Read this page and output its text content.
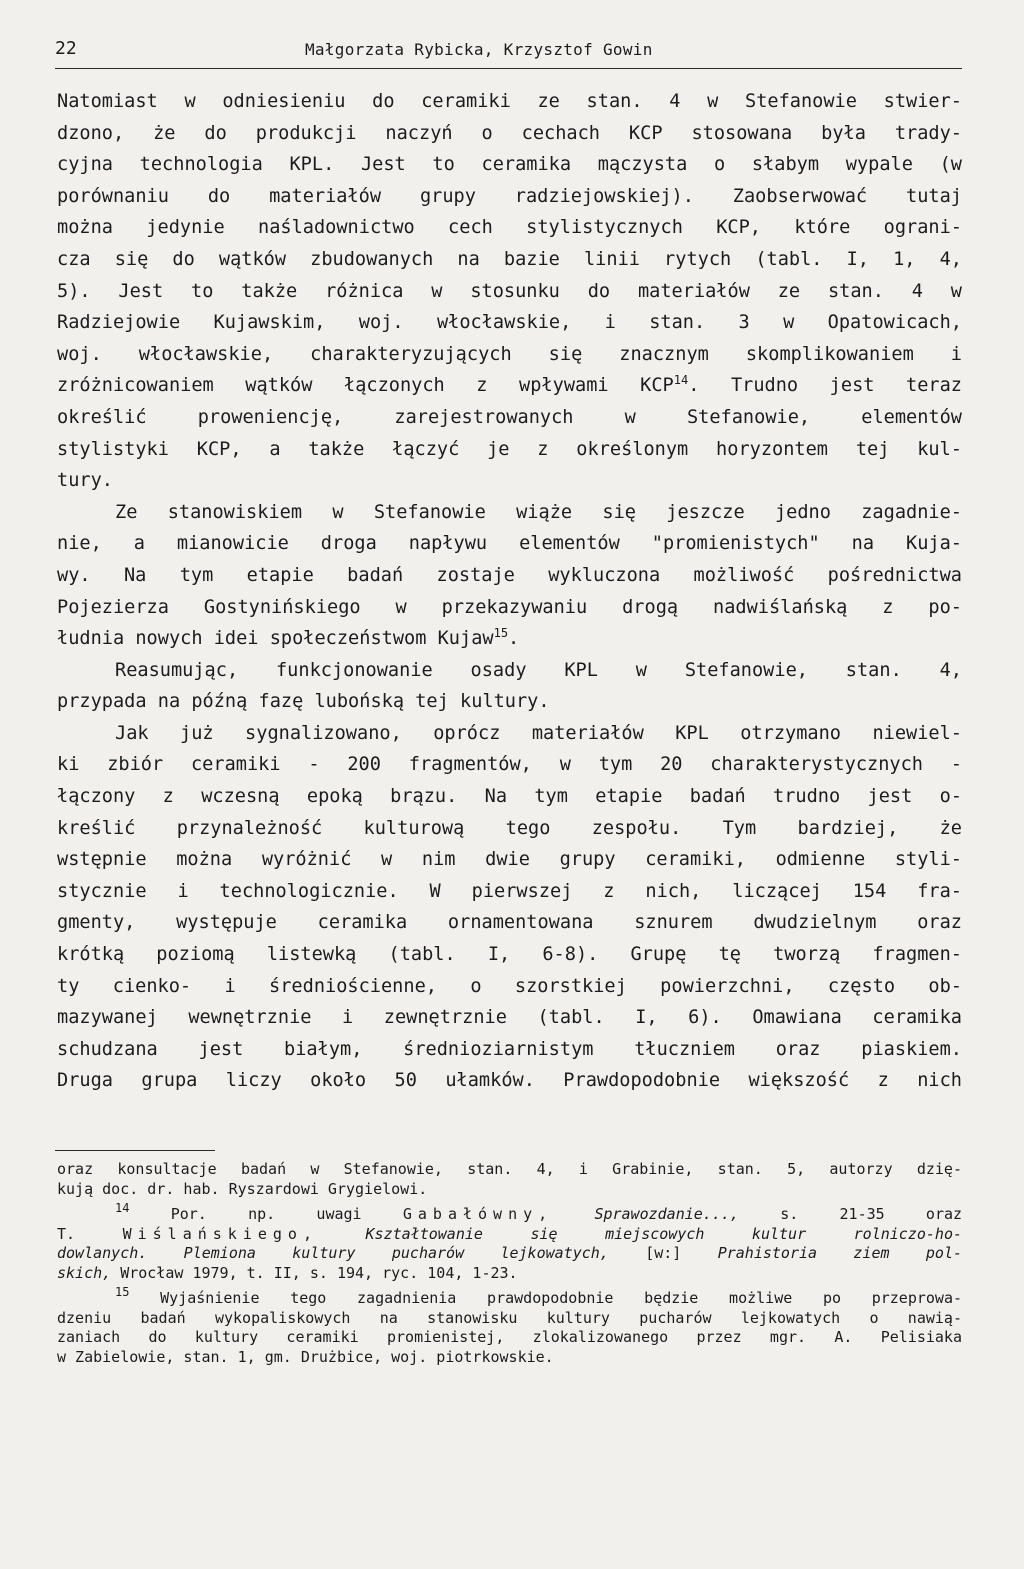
22	Małgorzata Rybicka, Krzysztof Gowin

Natomiast w odniesieniu do ceramiki ze stan. 4 w Stefanowie stwier-
dzono, że do produkcji naczyń o cechach KCP stosowana była trady-
cyjna technologia KPL. Jest to ceramika mączysta o słabym wypale (w
porównaniu do materiałów grupy radziejowskiej). Zaobserwować tutaj
można jedynie naśladownictwo cech stylistycznych KCP, które ograni-
cza się do wątków zbudowanych na bazie linii rytych (tabl. I, 1, 4,
5). Jest to także różnica w stosunku do materiałów ze stan. 4 w
Radziejowie Kujawskim, woj. włocławskie, i stan. 3 w Opatowicach,
woj. włocławskie, charakteryzujących się znacznym skomplikowaniem i
zróżnicowaniem wątków łączonych z wpływami KCP$^{14}$. Trudno jest teraz
określić proweniencję, zarejestrowanych w Stefanowie, elementów
stylistyki KCP, a także łączyć je z określonym horyzontem tej kul-
tury.

Ze stanowiskiem w Stefanowie wiąże się jeszcze jedno zagadnie-
nie, a mianowicie droga napływu elementów "promienistych" na Kuja-
wy. Na tym etapie badań zostaje wykluczona możliwość pośrednictwa
Pojezierza Gostynińskiego w przekazywaniu drogą nadwiślańską z po-
łudnia nowych idei społeczeństwom Kujaw$^{15}$.

Reasumując, funkcjonowanie osady KPL w Stefanowie, stan. 4,
przypada na późną fazę lubońską tej kultury.

Jak już sygnalizowano, oprócz materiałów KPL otrzymano niewiel-
ki zbiór ceramiki - 200 fragmentów, w tym 20 charakterystycznych -
łączony z wczesną epoką brązu. Na tym etapie badań trudno jest o-
kreślić przynależność kulturową tego zespołu. Tym bardziej, że
wstępnie można wyróżnić w nim dwie grupy ceramiki, odmienne styli-
stycznie i technologicznie. W pierwszej z nich, liczącej 154 fra-
gmenty, występuje ceramika ornamentowana sznurem dwudzielnym oraz
krótką poziomą listewką (tabl. I, 6-8). Grupę tę tworzą fragmen-
ty cienko- i średniościenne, o szorstkiej powierzchni, często ob-
mazywanej wewnętrznie i zewnętrznie (tabl. I, 6). Omawiana ceramika
schudzana jest białym, średnioziarnistym tłuczniem oraz piaskiem.
Druga grupa liczy około 50 ułamków. Prawdopodobnie większość z nich

oraz konsultacje badań w Stefanowie, stan. 4, i Grabinie, stan. 5, autorzy dzię-
kują doc. dr. hab. Ryszardowi Grygielowi.
$^{14}$	Por. np. uwagi	Gabałówny,	Sprawozdanie...,	s. 21-35 oraz
T.	Wiślańskiego,	Kształtowanie się miejscowych kultur rolniczo-ho-
dowlanych. Plemiona kultury pucharów lejkowatych, [w:] Prahistoria ziem pol-
skich, Wrocław 1979, t. II, s. 194, ryc. 104, 1-23.
$^{15}$ Wyjaśnienie tego zagadnienia prawdopodobnie będzie możliwe po przeprowa-
dzeniu badań wykopaliskowych na stanowisku kultury pucharów lejkowatych o nawią-
zaniach do kultury ceramiki promienistej, zlokalizowanego przez mgr. A. Pelisiaka
w Zabielowie, stan. 1, gm. Drużbice, woj. piotrkowskie.
